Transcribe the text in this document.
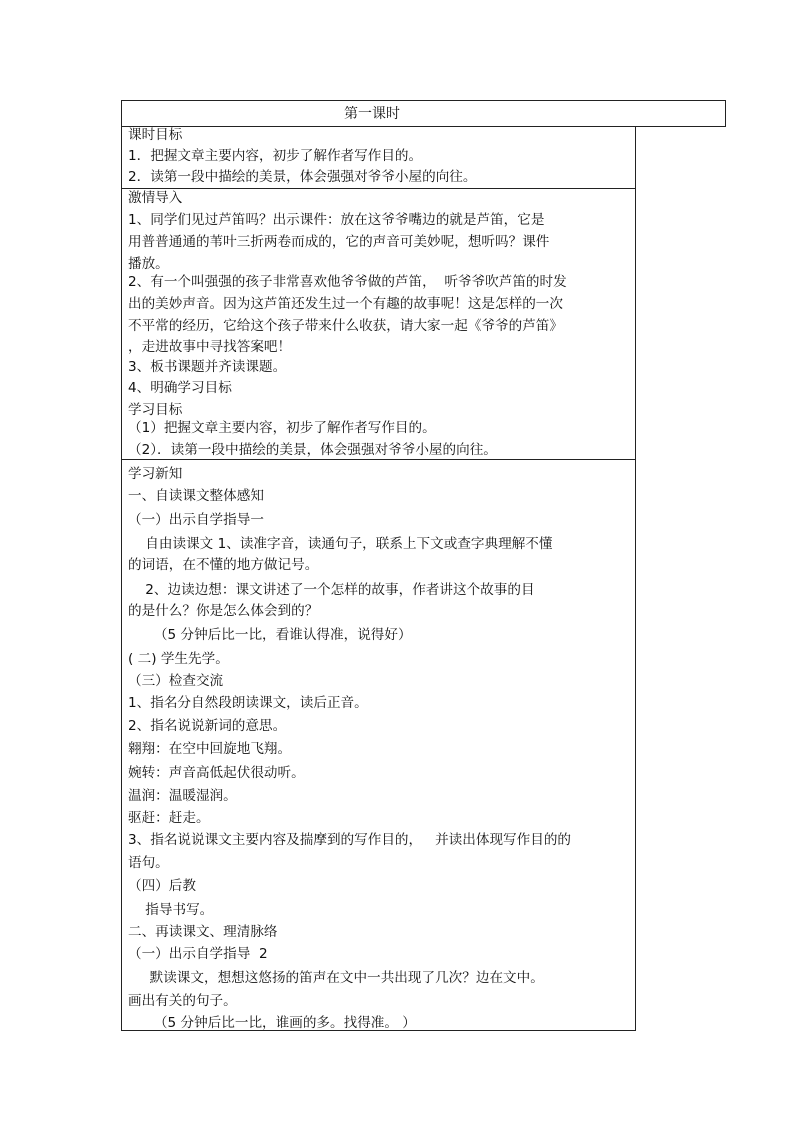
第一课时
课时目标
1．把握文章主要内容，初步了解作者写作目的。
2．读第一段中描绘的美景，体会强强对爷爷小屋的向往。
激情导入
1、同学们见过芦笛吗？出示课件：放在这爷爷嘴边的就是芦笛，它是
用普普通通的苇叶三折两卷而成的，它的声音可美妙呢，想听吗？课件
播放。
2、有一个叫强强的孩子非常喜欢他爷爷做的芦笛，  听爷爷吹芦笛的时发
出的美妙声音。因为这芦笛还发生过一个有趣的故事呢！这是怎样的一次
不平常的经历，它给这个孩子带来什么收获，请大家一起《爷爷的芦笛》
，走进故事中寻找答案吧！
3、板书课题并齐读课题。
4、明确学习目标
学习目标
（1）把握文章主要内容，初步了解作者写作目的。
（2）．读第一段中描绘的美景，体会强强对爷爷小屋的向往。
学习新知
一、自读课文整体感知
（一）出示自学指导一
自由读课文 1、读准字音，读通句子，联系上下文或查字典理解不懂
的词语，在不懂的地方做记号。
2、边读边想：课文讲述了一个怎样的故事，作者讲这个故事的目
的是什么？你是怎么体会到的？
（5 分钟后比一比，看谁认得准，说得好）
( 二) 学生先学。
（三）检查交流
1、指名分自然段朗读课文，读后正音。
2、指名说说新词的意思。
翱翔：在空中回旋地飞翔。
婉转：声音高低起伏很动听。
温润：温暖湿润。
驱赶：赶走。
3、指名说说课文主要内容及揣摩到的写作目的，   并读出体现写作目的的
语句。
（四）后教
指导书写。
二、再读课文、理清脉络
（一）出示自学指导  2
默读课文，想想这悠扬的笛声在文中一共出现了几次？边在文中。
画出有关的句子。
（5 分钟后比一比，谁画的多。找得准。 ）
